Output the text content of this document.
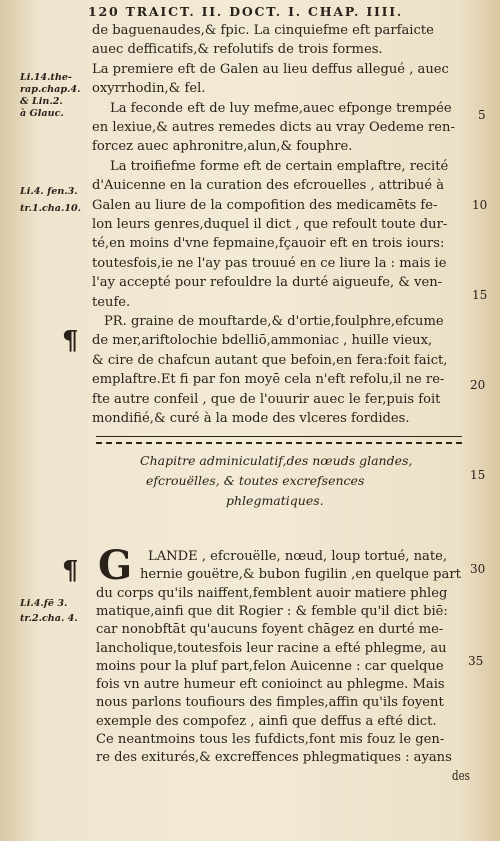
120 TRAICT. II. DOCT. I. CHAP. IIII.
de baguenaudes,& fpic. La cinquiefme eft parfaicte
auec defficatifs,& refolutifs de trois formes.
La premiere eft de Galen au lieu deffus allegué , auec
oxyrrhodin,& fel.
La feconde eft de luy mefme,auec efponge trempée
en lexiue,& autres remedes dicts au vray Oedeme ren-
forcez auec aphronitre,alun,& fouphre.
La troifiefme forme eft de certain emplaftre, recité
d'Auicenne en la curation des efcrouelles , attribué à
Galen au liure de la compofition des medicamēts fe-
lon leurs genres,duquel il dict , que refoult toute dur-
té,en moins d'vne fepmaine,fçauoir eft en trois iours:
toutesfois,ie ne l'ay pas trouué en ce liure la : mais ie
l'ay accepté pour refouldre la durté aigueufe, & ven-
teufe.
PR. graine de mouftarde,& d'ortie,foulphre,efcume
de mer,ariftolochie bdelliō,ammoniac , huille vieux,
& cire de chafcun autant que befoin,en fera:foit faict,
emplaftre.Et fi par fon moyē cela n'eft refolu,il ne re-
fte autre confeil , que de l'ouurir auec le fer,puis foit
mondifié,& curé à la mode des vlceres fordides.
Li.14.the-
rap.chap.4.
& Lin.2.
à Glauc.
Li.4. fen.3.
tr.1.cha.10.
Li.4.fē 3.
tr.2.cha. 4.
5
10
15
20
15
30
35
¶
¶
Chapitre adminiculatif,des nœuds glandes,
efcrouëlles, & toutes excrefsences
phlegmatiques.
G LANDE , efcrouëlle, nœud, loup tortué, nate,
hernie gouëtre,& bubon fugilin ,en quelque part
du corps qu'ils naiffent,femblent auoir matiere phleg
matique,ainfi que dit Rogier : & femble qu'il dict biē:
car nonobftāt qu'aucuns foyent chāgez en durté me-
lancholique,toutesfois leur racine a efté phlegme, au
moins pour la pluf part,felon Auicenne : car quelque
fois vn autre humeur eft conioinct au phlegme. Mais
nous parlons toufiours des fimples,affin qu'ils foyent
exemple des compofez , ainfi que deffus a efté dict.
Ce neantmoins tous les fufdicts,font mis fouz le gen-
re des exiturés,& excreffences phlegmatiques : ayans
des
